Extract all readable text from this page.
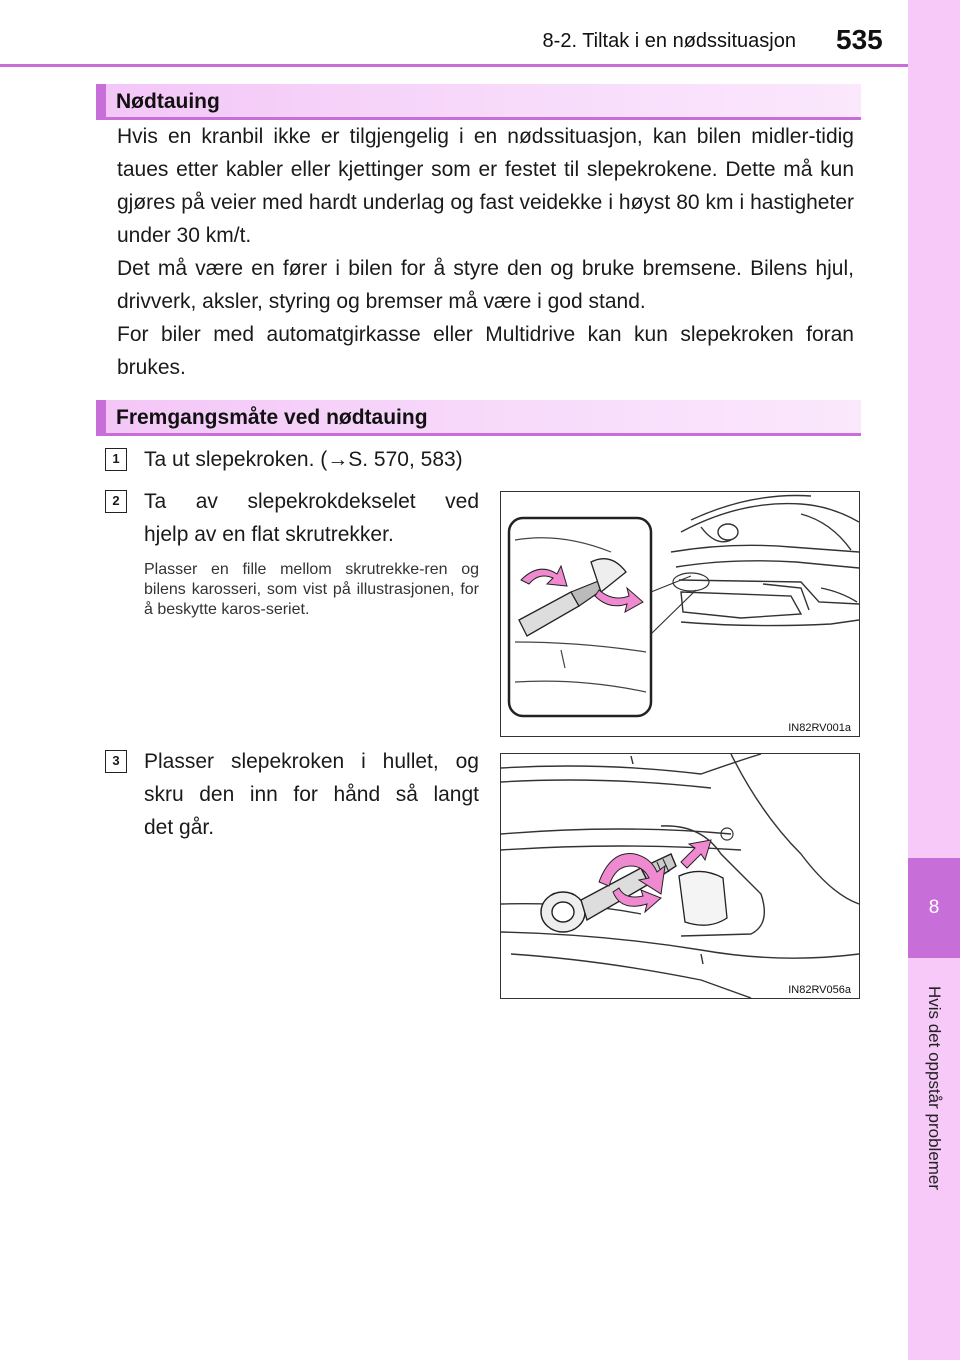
8-2. Tiltak i en nødssituasjon 535
8
Hvis det oppstår problemer
Nødtauing
Hvis en kranbil ikke er tilgjengelig i en nødssituasjon, kan bilen midler-tidig taues etter kabler eller kjettinger som er festet til slepekrokene. Dette må kun gjøres på veier med hardt underlag og fast veidekke i høyst 80 km i hastigheter under 30 km/t.
Det må være en fører i bilen for å styre den og bruke bremsene. Bilens hjul, drivverk, aksler, styring og bremser må være i god stand.
For biler med automatgirkasse eller Multidrive kan kun slepekroken foran brukes.
Fremgangsmåte ved nødtauing
1	Ta ut slepekroken. (→S. 570, 583)
2	Ta av slepekrokdekselet ved
hjelp av en flat skrutrekker.
Plasser en fille mellom skrutrekke-ren og bilens karosseri, som vist på illustrasjonen, for å beskytte karos-seriet.
IN82RV001a
3	Plasser slepekroken i hullet, og
skru den inn for hånd så langt
det går.
IN82RV056a
